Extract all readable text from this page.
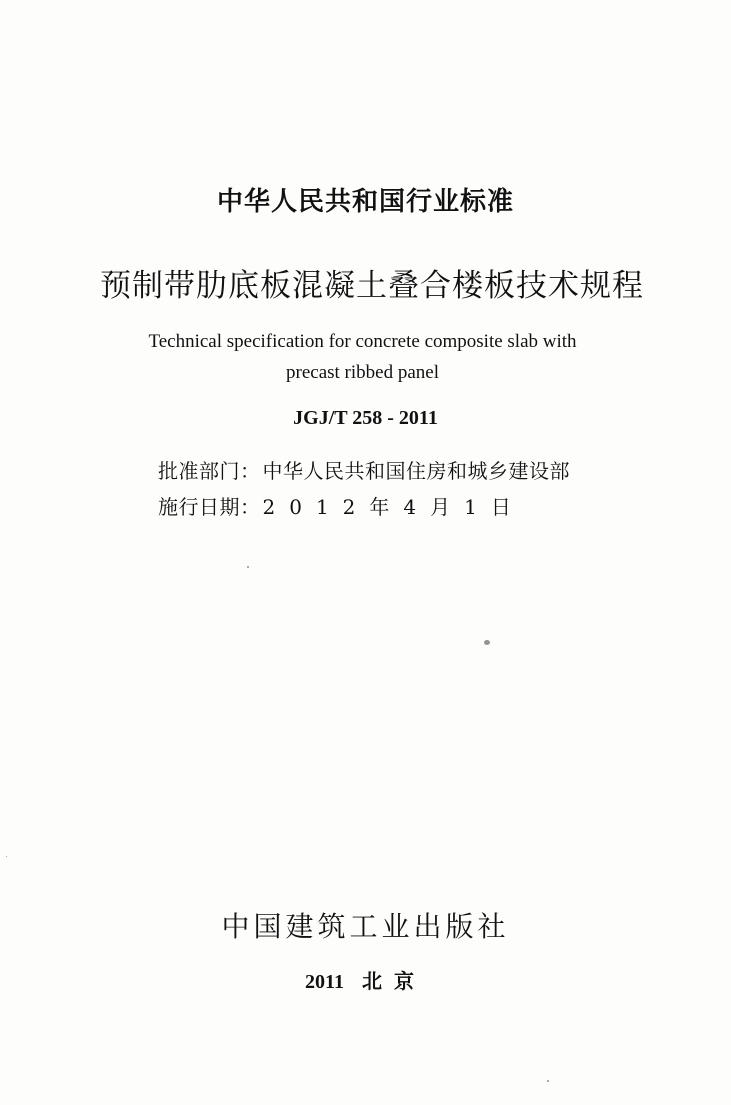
中华人民共和国行业标准
预制带肋底板混凝土叠合楼板技术规程
Technical specification for concrete composite slab with
precast ribbed panel
JGJ/T 258 - 2011
批准部门： 中华人民共和国住房和城乡建设部
施行日期： 2012年4月1日
中国建筑工业出版社
2011 北京
